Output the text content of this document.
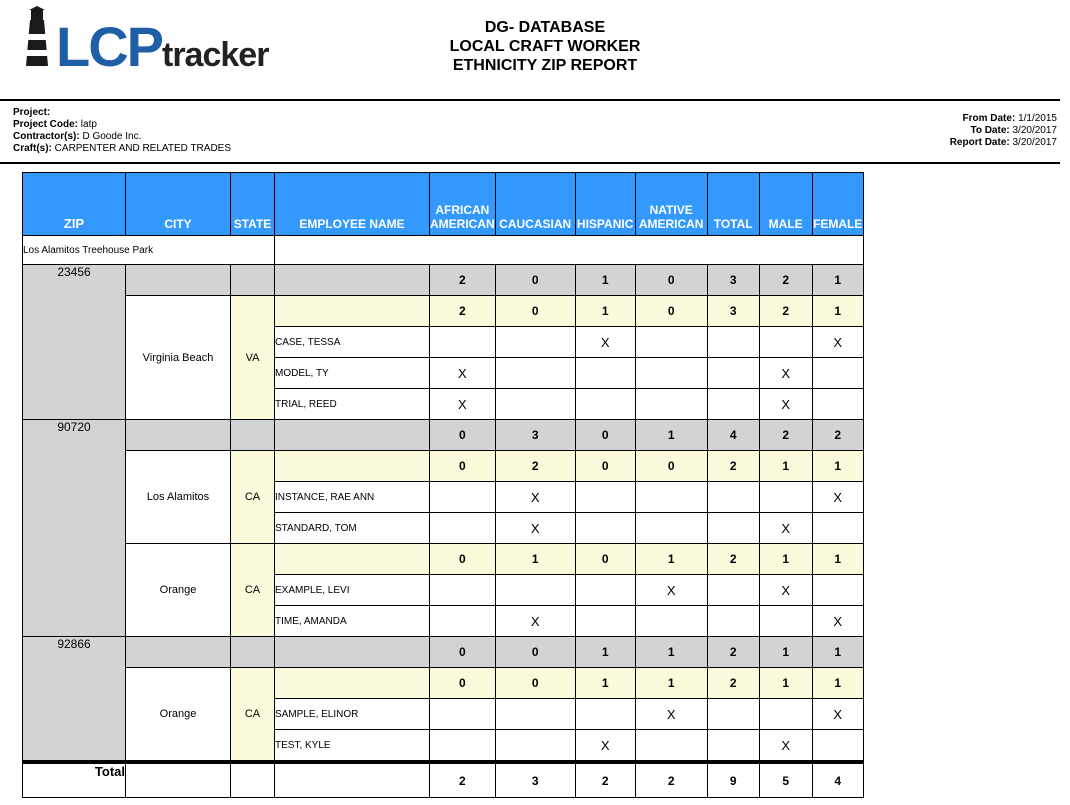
LCPtracker
DG- DATABASE
LOCAL CRAFT WORKER
ETHNICITY ZIP REPORT
Project:
Project Code: latp
Contractor(s): D Goode Inc.
Craft(s): CARPENTER AND RELATED TRADES
From Date: 1/1/2015
To Date: 3/20/2017
Report Date: 3/20/2017
ZIP	CITY	STATE	EMPLOYEE NAME	AFRICAN AMERICAN	CAUCASIAN	HISPANIC	NATIVE AMERICAN	TOTAL	MALE	FEMALE
Los Alamitos Treehouse Park										
23456				2	0	1	0	3	2	1
	Virginia Beach	VA		2	0	1	0	3	2	1
			CASE, TESSA			X				X
			MODEL, TY	X					X	
			TRIAL, REED	X					X	
90720				0	3	0	1	4	2	2
	Los Alamitos	CA		0	2	0	0	2	1	1
			INSTANCE, RAE ANN		X					X
			STANDARD, TOM		X				X	
	Orange	CA		0	1	0	1	2	1	1
			EXAMPLE, LEVI				X		X	
			TIME, AMANDA		X					X
92866				0	0	1	1	2	1	1
	Orange	CA		0	0	1	1	2	1	1
			SAMPLE, ELINOR				X			X
			TEST, KYLE			X			X	
Total				2	3	2	2	9	5	4
